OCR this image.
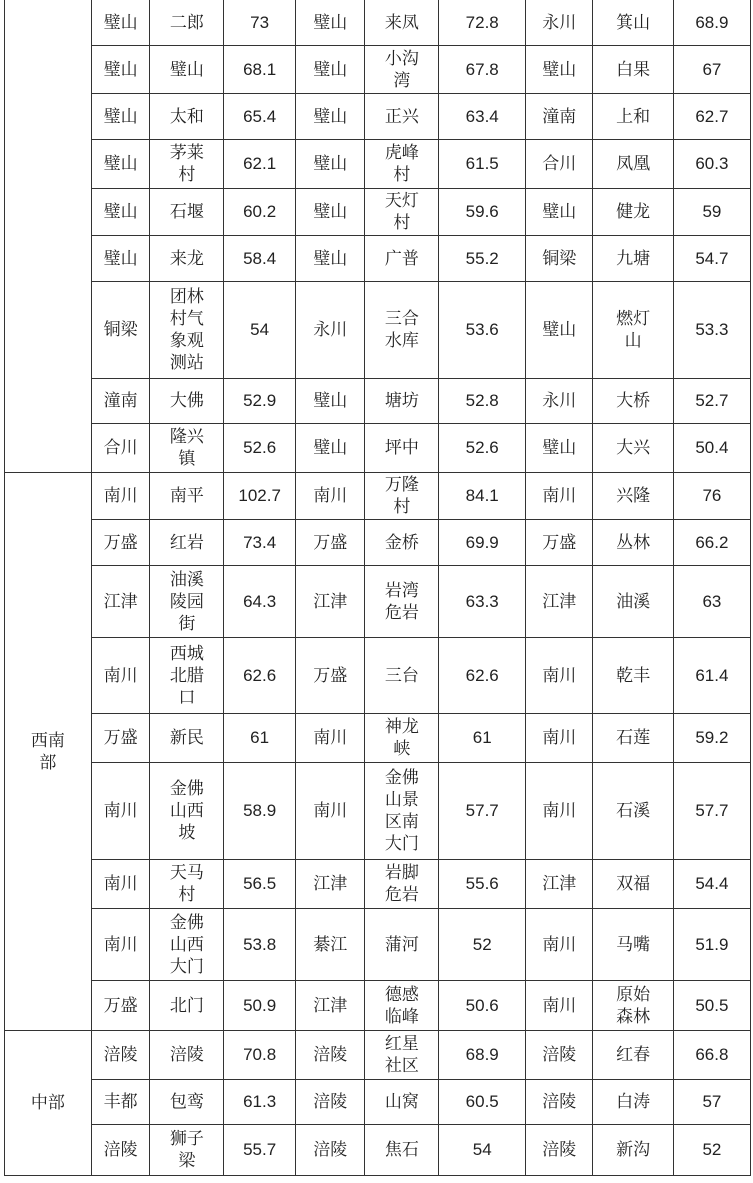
	璧山	二郎	73	璧山	来凤	72.8	永川	箕山	68.9

	璧山	璧山	68.1	璧山	小沟湾	67.8	璧山	白果	67

	璧山	太和	65.4	璧山	正兴	63.4	潼南	上和	62.7

	璧山	茅莱村	62.1	璧山	虎峰村	61.5	合川	凤凰	60.3

	璧山	石堰	60.2	璧山	天灯村	59.6	璧山	健龙	59

	璧山	来龙	58.4	璧山	广普	55.2	铜梁	九塘	54.7

	铜梁	团林村气象观测站	54	永川	三合水库	53.6	璧山	燃灯山	53.3

	潼南	大佛	52.9	璧山	塘坊	52.8	永川	大桥	52.7

	合川	隆兴镇	52.6	璧山	坪中	52.6	璧山	大兴	50.4

西南部	南川	南平	102.7	南川	万隆村	84.1	南川	兴隆	76

	万盛	红岩	73.4	万盛	金桥	69.9	万盛	丛林	66.2

	江津	油溪陵园街	64.3	江津	岩湾危岩	63.3	江津	油溪	63

	南川	西城北腊口	62.6	万盛	三台	62.6	南川	乾丰	61.4

	万盛	新民	61	南川	神龙峡	61	南川	石莲	59.2

	南川	金佛山西坡	58.9	南川	金佛山景区南大门	57.7	南川	石溪	57.7

	南川	天马村	56.5	江津	岩脚危岩	55.6	江津	双福	54.4

	南川	金佛山西大门	53.8	綦江	蒲河	52	南川	马嘴	51.9

	万盛	北门	50.9	江津	德感临峰	50.6	南川	原始森林	50.5

中部	涪陵	涪陵	70.8	涪陵	红星社区	68.9	涪陵	红春	66.8

	丰都	包鸾	61.3	涪陵	山窝	60.5	涪陵	白涛	57

	涪陵	狮子梁	55.7	涪陵	焦石	54	涪陵	新沟	52
